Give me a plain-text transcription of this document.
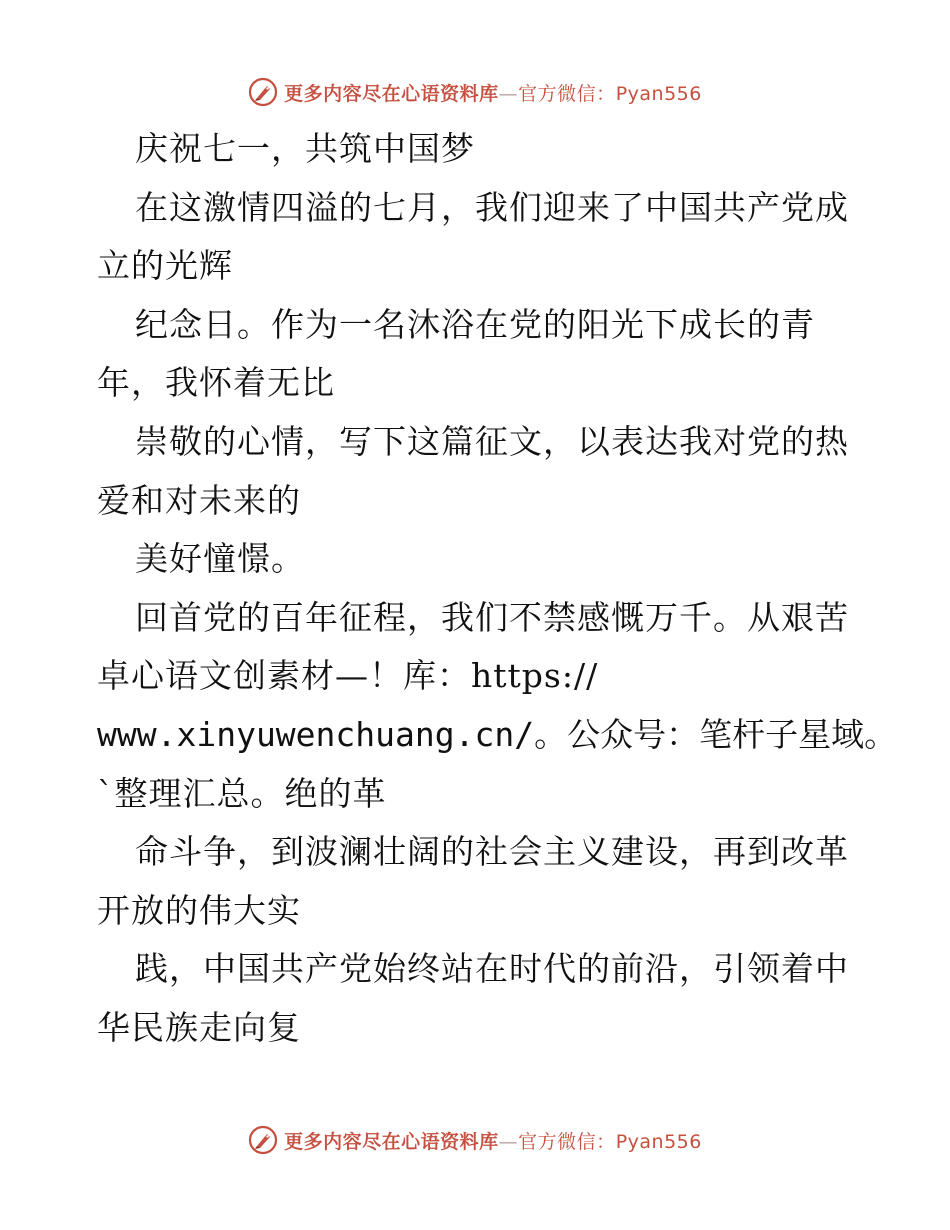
更多内容尽在心语资料库—官方微信：Pyan556
庆祝七一，共筑中国梦
在这激情四溢的七月，我们迎来了中国共产党成
立的光辉
纪念日。作为一名沐浴在党的阳光下成长的青
年，我怀着无比
崇敬的心情，写下这篇征文，以表达我对党的热
爱和对未来的
美好憧憬。
回首党的百年征程，我们不禁感慨万千。从艰苦
卓心语文创素材—！库：https://
www.xinyuwenchuang.cn/。公众号：笔杆子星域。
`整理汇总。绝的革
命斗争，到波澜壮阔的社会主义建设，再到改革
开放的伟大实
践，中国共产党始终站在时代的前沿，引领着中
华民族走向复
更多内容尽在心语资料库—官方微信：Pyan556
